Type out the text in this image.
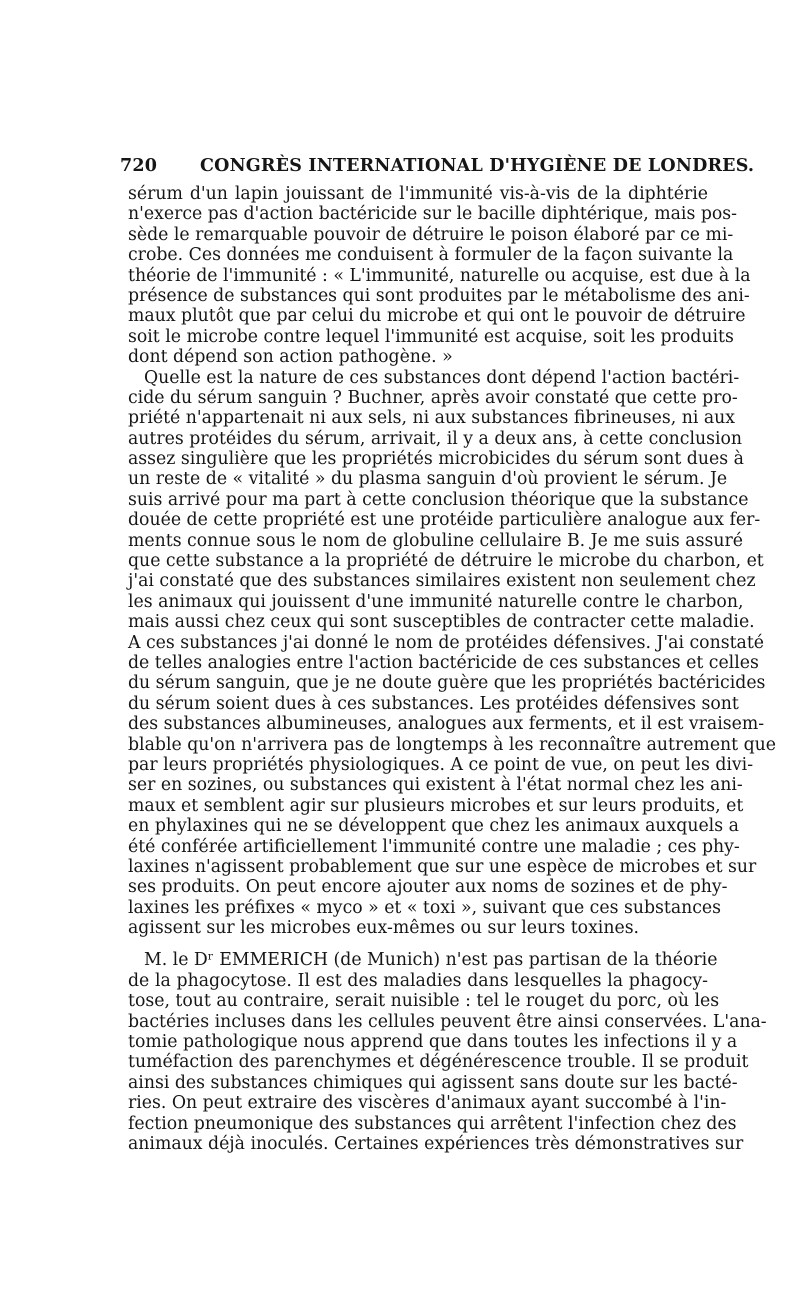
720 CONGRÈS INTERNATIONAL D'HYGIÈNE DE LONDRES.
sérum d'un lapin jouissant de l'immunité vis-à-vis de la diphtérie
n'exerce pas d'action bactéricide sur le bacille diphtérique, mais pos-
sède le remarquable pouvoir de détruire le poison élaboré par ce mi-
crobe. Ces données me conduisent à formuler de la façon suivante la
théorie de l'immunité : « L'immunité, naturelle ou acquise, est due à la
présence de substances qui sont produites par le métabolisme des ani-
maux plutôt que par celui du microbe et qui ont le pouvoir de détruire
soit le microbe contre lequel l'immunité est acquise, soit les produits
dont dépend son action pathogène. »
Quelle est la nature de ces substances dont dépend l'action bactéri-
cide du sérum sanguin ? Buchner, après avoir constaté que cette pro-
priété n'appartenait ni aux sels, ni aux substances fibrineuses, ni aux
autres protéides du sérum, arrivait, il y a deux ans, à cette conclusion
assez singulière que les propriétés microbicides du sérum sont dues à
un reste de « vitalité » du plasma sanguin d'où provient le sérum. Je
suis arrivé pour ma part à cette conclusion théorique que la substance
douée de cette propriété est une protéide particulière analogue aux fer-
ments connue sous le nom de globuline cellulaire B. Je me suis assuré
que cette substance a la propriété de détruire le microbe du charbon, et
j'ai constaté que des substances similaires existent non seulement chez
les animaux qui jouissent d'une immunité naturelle contre le charbon,
mais aussi chez ceux qui sont susceptibles de contracter cette maladie.
A ces substances j'ai donné le nom de protéides défensives. J'ai constaté
de telles analogies entre l'action bactéricide de ces substances et celles
du sérum sanguin, que je ne doute guère que les propriétés bactéricides
du sérum soient dues à ces substances. Les protéides défensives sont
des substances albumineuses, analogues aux ferments, et il est vraisem-
blable qu'on n'arrivera pas de longtemps à les reconnaître autrement que
par leurs propriétés physiologiques. A ce point de vue, on peut les divi-
ser en sozines, ou substances qui existent à l'état normal chez les ani-
maux et semblent agir sur plusieurs microbes et sur leurs produits, et
en phylaxines qui ne se développent que chez les animaux auxquels a
été conférée artificiellement l'immunité contre une maladie ; ces phy-
laxines n'agissent probablement que sur une espèce de microbes et sur
ses produits. On peut encore ajouter aux noms de sozines et de phy-
laxines les préfixes « myco » et « toxi », suivant que ces substances
agissent sur les microbes eux-mêmes ou sur leurs toxines.
M. le Dʳ EMMERICH (de Munich) n'est pas partisan de la théorie
de la phagocytose. Il est des maladies dans lesquelles la phagocy-
tose, tout au contraire, serait nuisible : tel le rouget du porc, où les
bactéries incluses dans les cellules peuvent être ainsi conservées. L'ana-
tomie pathologique nous apprend que dans toutes les infections il y a
tuméfaction des parenchymes et dégénérescence trouble. Il se produit
ainsi des substances chimiques qui agissent sans doute sur les bacté-
ries. On peut extraire des viscères d'animaux ayant succombé à l'in-
fection pneumonique des substances qui arrêtent l'infection chez des
animaux déjà inoculés. Certaines expériences très démonstratives sur
